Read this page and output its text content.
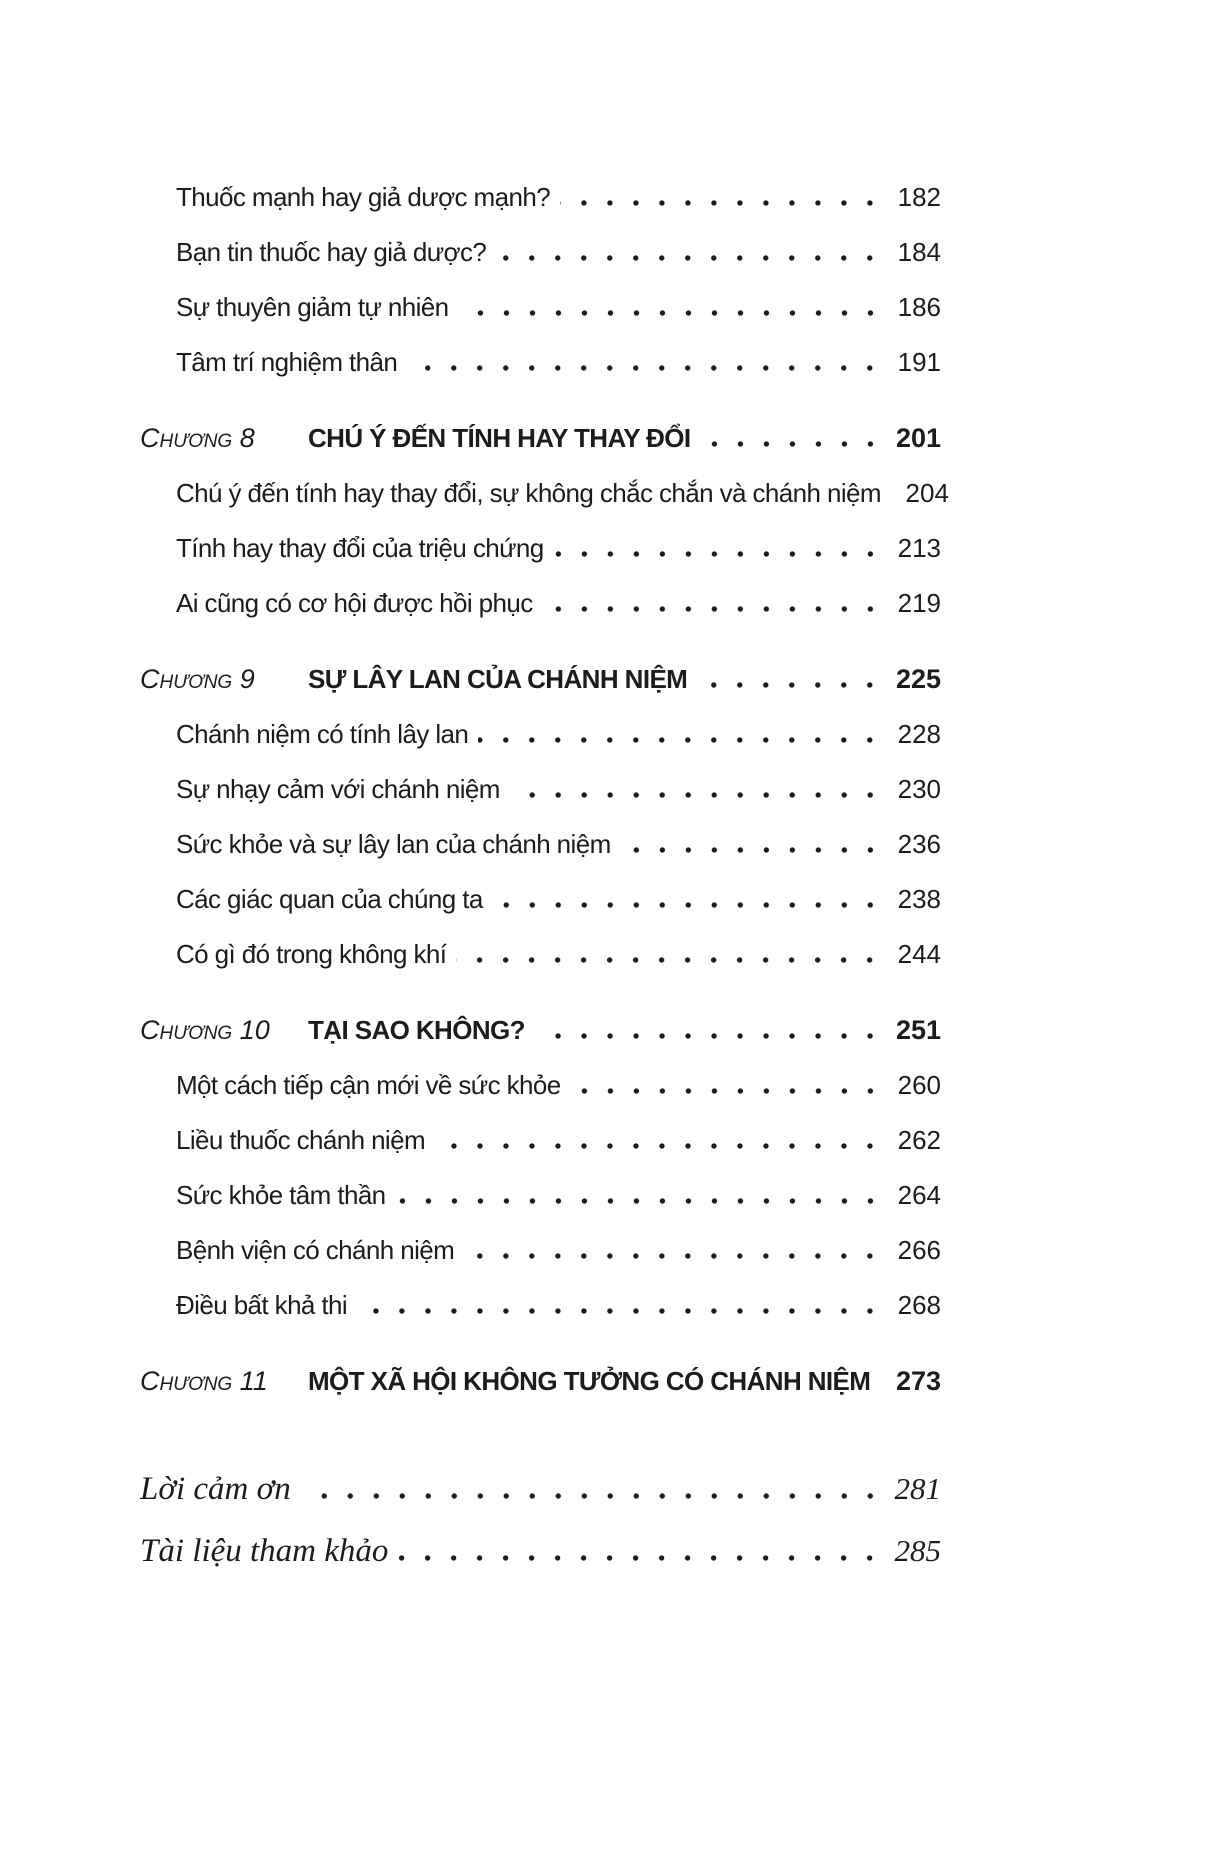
Thuốc mạnh hay giả dược mạnh?	182
Bạn tin thuốc hay giả dược?	184
Sự thuyên giảm tự nhiên	186
Tâm trí nghiệm thân	191
Chương 8	CHÚ Ý ĐẾN TÍNH HAY THAY ĐỔI	201
Chú ý đến tính hay thay đổi, sự không chắc chắn và chánh niệm 204
Tính hay thay đổi của triệu chứng	213
Ai cũng có cơ hội được hồi phục	219
Chương 9	SỰ LÂY LAN CỦA CHÁNH NIỆM	225
Chánh niệm có tính lây lan	228
Sự nhạy cảm với chánh niệm	230
Sức khỏe và sự lây lan của chánh niệm	236
Các giác quan của chúng ta	238
Có gì đó trong không khí	244
Chương 10	TẠI SAO KHÔNG?	251
Một cách tiếp cận mới về sức khỏe	260
Liều thuốc chánh niệm	262
Sức khỏe tâm thần	264
Bệnh viện có chánh niệm	266
Điều bất khả thi	268
Chương 11	MỘT XÃ HỘI KHÔNG TƯỞNG CÓ CHÁNH NIỆM 273
Lời cảm ơn	281
Tài liệu tham khảo	285
